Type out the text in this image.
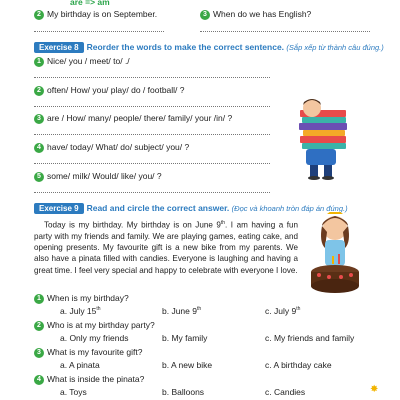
are => am
2 My birthday is on September.	3 When do we has English?
Exercise 8 Reorder the words to make the correct sentence. (Sắp xếp từ thành câu đúng.)
1 Nice/ you / meet/ to/ ./
2 often/ How/ you/ play/ do / football/ ?
3 are / How/ many/ people/ there/ family/ your /in/ ?
4 have/ today/ What/ do/ subject/ you/ ?
5 some/ milk/ Would/ like/ you/ ?
Exercise 9 Read and circle the correct answer. (Đọc và khoanh tròn đáp án đúng.)
Today is my birthday. My birthday is on June 9th. I am having a fun party with my friends and family. We are playing games, eating cake, and opening presents. My favourite gift is a new bike from my parents. We also have a pinata filled with candies. Everyone is laughing and having a great time. I feel very special and happy to celebrate with everyone I love.
1 When is my birthday?
a. July 15th	b. June 9th	c. July 9th
2 Who is at my birthday party?
a. Only my friends	b. My family	c. My friends and family
3 What is my favourite gift?
a. A pinata	b. A new bike	c. A birthday cake
4 What is inside the pinata?
a. Toys	b. Balloons	c. Candies	✸
